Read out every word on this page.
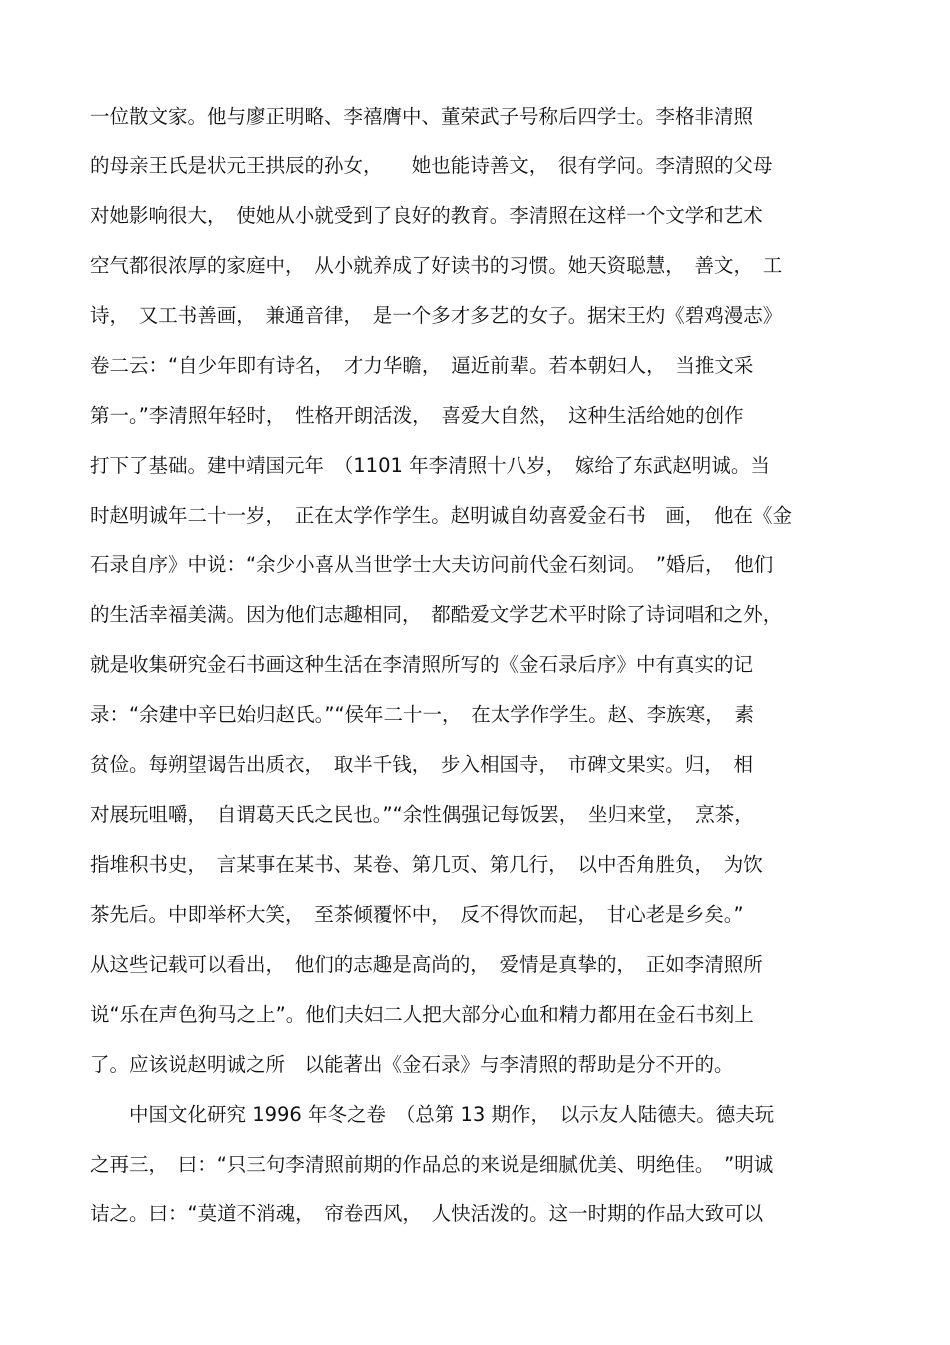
一位散文家。他与廖正明略、李禧膺中、董荣武子号称后四学士。李格非清照
的母亲王氏是状元王拱辰的孙女，　　她也能诗善文，　很有学问。李清照的父母
对她影响很大，　使她从小就受到了良好的教育。李清照在这样一个文学和艺术
空气都很浓厚的家庭中，　从小就养成了好读书的习惯。她天资聪慧，　善文，　工
诗，　又工书善画，　兼通音律，　是一个多才多艺的女子。据宋王灼《碧鸡漫志》
卷二云：“自少年即有诗名，　才力华瞻，　逼近前辈。若本朝妇人，　当推文采
第一。”李清照年轻时，　性格开朗活泼，　喜爱大自然，　这种生活给她的创作
打下了基础。建中靖国元年　（1101 年李清照十八岁，　嫁给了东武赵明诚。当
时赵明诚年二十一岁，　正在太学作学生。赵明诚自幼喜爱金石书　画，　他在《金
石录自序》中说：“余少小喜从当世学士大夫访问前代金石刻词。　”婚后，　他们
的生活幸福美满。因为他们志趣相同，　都酷爱文学艺术平时除了诗词唱和之外，
就是收集研究金石书画这种生活在李清照所写的《金石录后序》中有真实的记
录：“余建中辛巳始归赵氏。”“侯年二十一，　在太学作学生。赵、李族寒，　素
贫俭。每朔望谒告出质衣，　取半千钱，　步入相国寺，　市碑文果实。归，　相
对展玩咀嚼，　自谓葛天氏之民也。”“余性偶强记每饭罢，　坐归来堂，　烹茶，
指堆积书史，　言某事在某书、某卷、第几页、第几行，　以中否角胜负，　为饮
茶先后。中即举杯大笑，　至茶倾覆怀中，　反不得饮而起，　甘心老是乡矣。”
从这些记载可以看出，　他们的志趣是高尚的，　爱情是真挚的，　正如李清照所
说“乐在声色狗马之上”。他们夫妇二人把大部分心血和精力都用在金石书刻上
了。应该说赵明诚之所　以能著出《金石录》与李清照的帮助是分不开的。
　　中国文化研究 1996 年冬之卷　（总第 13 期作，　以示友人陆德夫。德夫玩
之再三，　曰：“只三句李清照前期的作品总的来说是细腻优美、明绝佳。　”明诚
诘之。曰：“莫道不消魂，　帘卷西风，　人快活泼的。这一时期的作品大致可以
